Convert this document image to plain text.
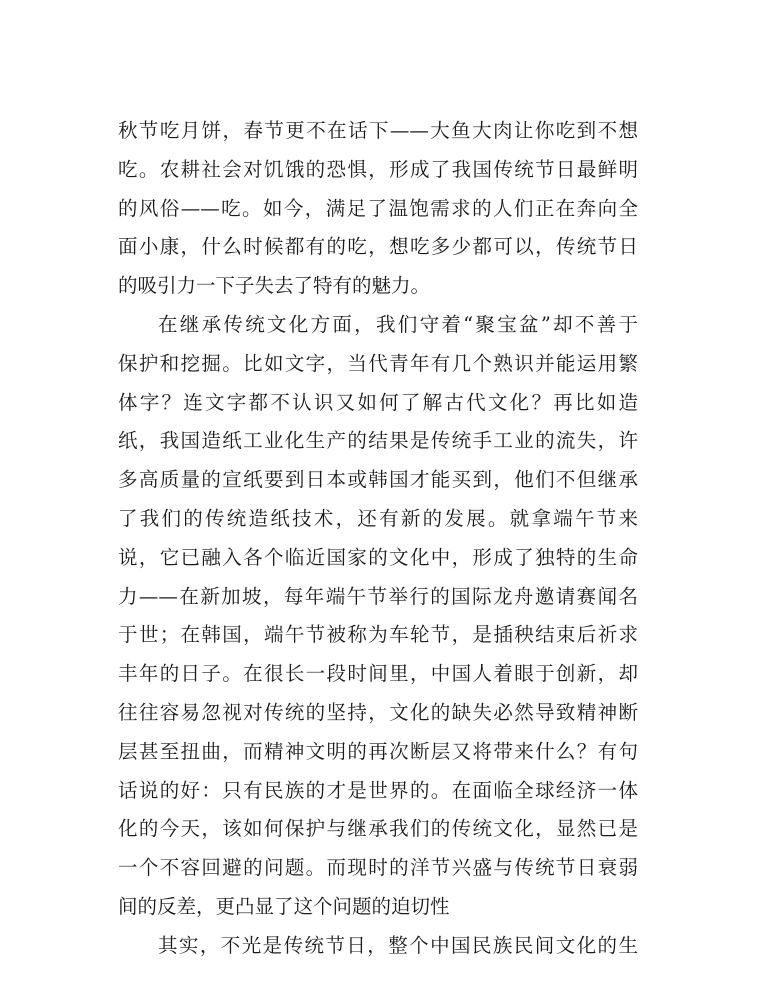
秋节吃月饼，春节更不在话下——大鱼大肉让你吃到不想
吃。农耕社会对饥饿的恐惧，形成了我国传统节日最鲜明
的风俗——吃。如今，满足了温饱需求的人们正在奔向全
面小康，什么时候都有的吃，想吃多少都可以，传统节日
的吸引力一下子失去了特有的魅力。
在继承传统文化方面，我们守着“聚宝盆”却不善于
保护和挖掘。比如文字，当代青年有几个熟识并能运用繁
体字？连文字都不认识又如何了解古代文化？再比如造
纸，我国造纸工业化生产的结果是传统手工业的流失，许
多高质量的宣纸要到日本或韩国才能买到，他们不但继承
了我们的传统造纸技术，还有新的发展。就拿端午节来
说，它已融入各个临近国家的文化中，形成了独特的生命
力——在新加坡，每年端午节举行的国际龙舟邀请赛闻名
于世；在韩国，端午节被称为车轮节，是插秧结束后祈求
丰年的日子。在很长一段时间里，中国人着眼于创新，却
往往容易忽视对传统的坚持，文化的缺失必然导致精神断
层甚至扭曲，而精神文明的再次断层又将带来什么？有句
话说的好：只有民族的才是世界的。在面临全球经济一体
化的今天，该如何保护与继承我们的传统文化，显然已是
一个不容回避的问题。而现时的洋节兴盛与传统节日衰弱
间的反差，更凸显了这个问题的迫切性
其实，不光是传统节日，整个中国民族民间文化的生
